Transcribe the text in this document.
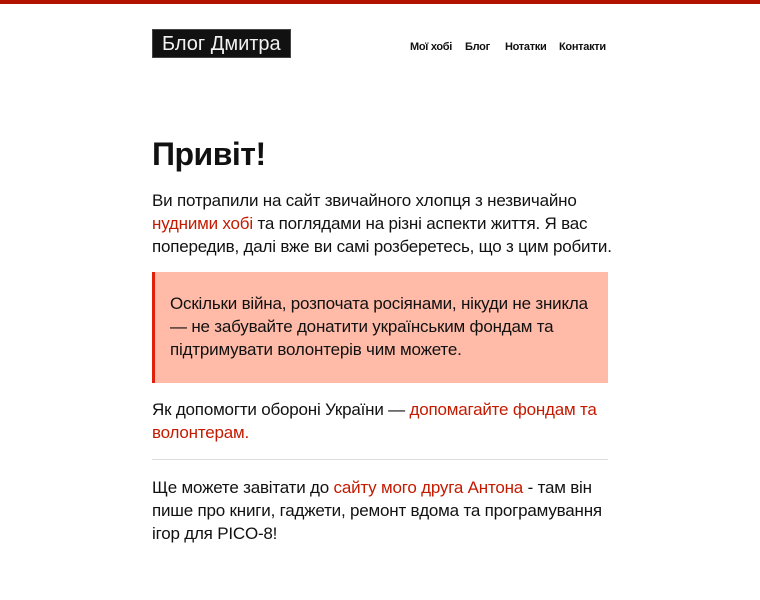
Блог Дмитра	Мої хобі Блог Нотатки Контакти
Привіт!

Ви потрапили на сайт звичайного хлопця з незвичайно нудними хобі та поглядами на різні аспекти життя. Я вас попередив, далі вже ви самі розберетесь, що з цим робити.

Оскільки війна, розпочата росіянами, нікуди не зникла — не забувайте донатити українським фондам та підтримувати волонтерів чим можете.

Як допомогти обороні України — допомагайте фондам та волонтерам.

Ще можете завітати до сайту мого друга Антона - там він пише про книги, гаджети, ремонт вдома та програмування ігор для PICO-8!
